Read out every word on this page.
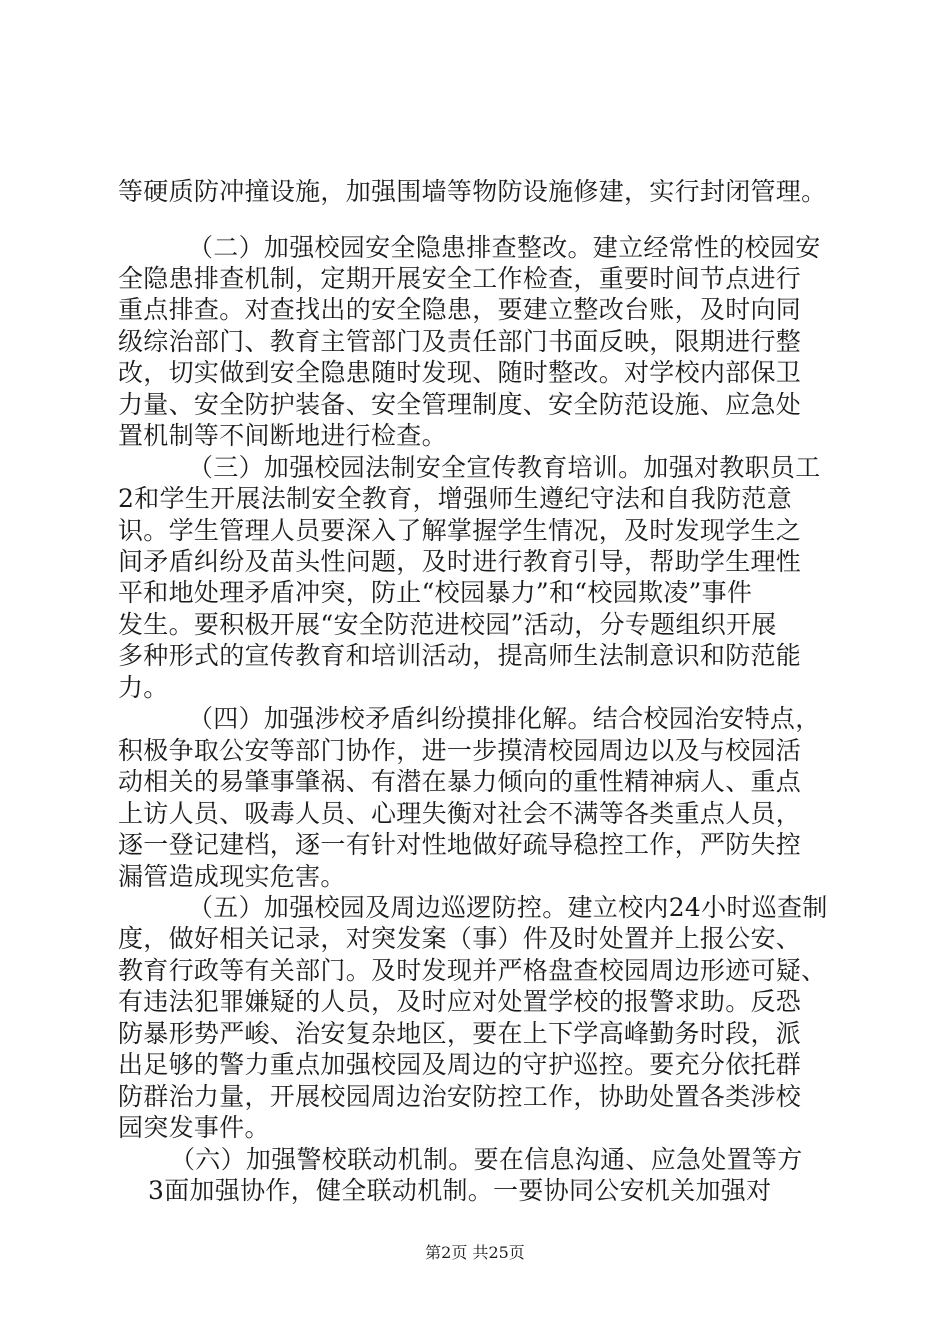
等硬质防冲撞设施，加强围墙等物防设施修建，实行封闭管理。
（二）加强校园安全隐患排查整改。建立经常性的校园安
全隐患排查机制，定期开展安全工作检查，重要时间节点进行
重点排查。对查找出的安全隐患，要建立整改台账，及时向同
级综治部门、教育主管部门及责任部门书面反映，限期进行整
改，切实做到安全隐患随时发现、随时整改。对学校内部保卫
力量、安全防护装备、安全管理制度、安全防范设施、应急处
置机制等不间断地进行检查。
（三）加强校园法制安全宣传教育培训。加强对教职员工
2和学生开展法制安全教育，增强师生遵纪守法和自我防范意
识。学生管理人员要深入了解掌握学生情况，及时发现学生之
间矛盾纠纷及苗头性问题，及时进行教育引导，帮助学生理性
平和地处理矛盾冲突，防止“校园暴力”和“校园欺凌”事件
发生。要积极开展“安全防范进校园”活动，分专题组织开展
多种形式的宣传教育和培训活动，提高师生法制意识和防范能
力。
（四）加强涉校矛盾纠纷摸排化解。结合校园治安特点，
积极争取公安等部门协作，进一步摸清校园周边以及与校园活
动相关的易肇事肇祸、有潜在暴力倾向的重性精神病人、重点
上访人员、吸毒人员、心理失衡对社会不满等各类重点人员，
逐一登记建档，逐一有针对性地做好疏导稳控工作，严防失控
漏管造成现实危害。
（五）加强校园及周边巡逻防控。建立校内24小时巡查制
度，做好相关记录，对突发案（事）件及时处置并上报公安、
教育行政等有关部门。及时发现并严格盘查校园周边形迹可疑、
有违法犯罪嫌疑的人员，及时应对处置学校的报警求助。反恐
防暴形势严峻、治安复杂地区，要在上下学高峰勤务时段，派
出足够的警力重点加强校园及周边的守护巡控。要充分依托群
防群治力量，开展校园周边治安防控工作，协助处置各类涉校
园突发事件。
（六）加强警校联动机制。要在信息沟通、应急处置等方
3面加强协作，健全联动机制。一要协同公安机关加强对
第2页 共25页
